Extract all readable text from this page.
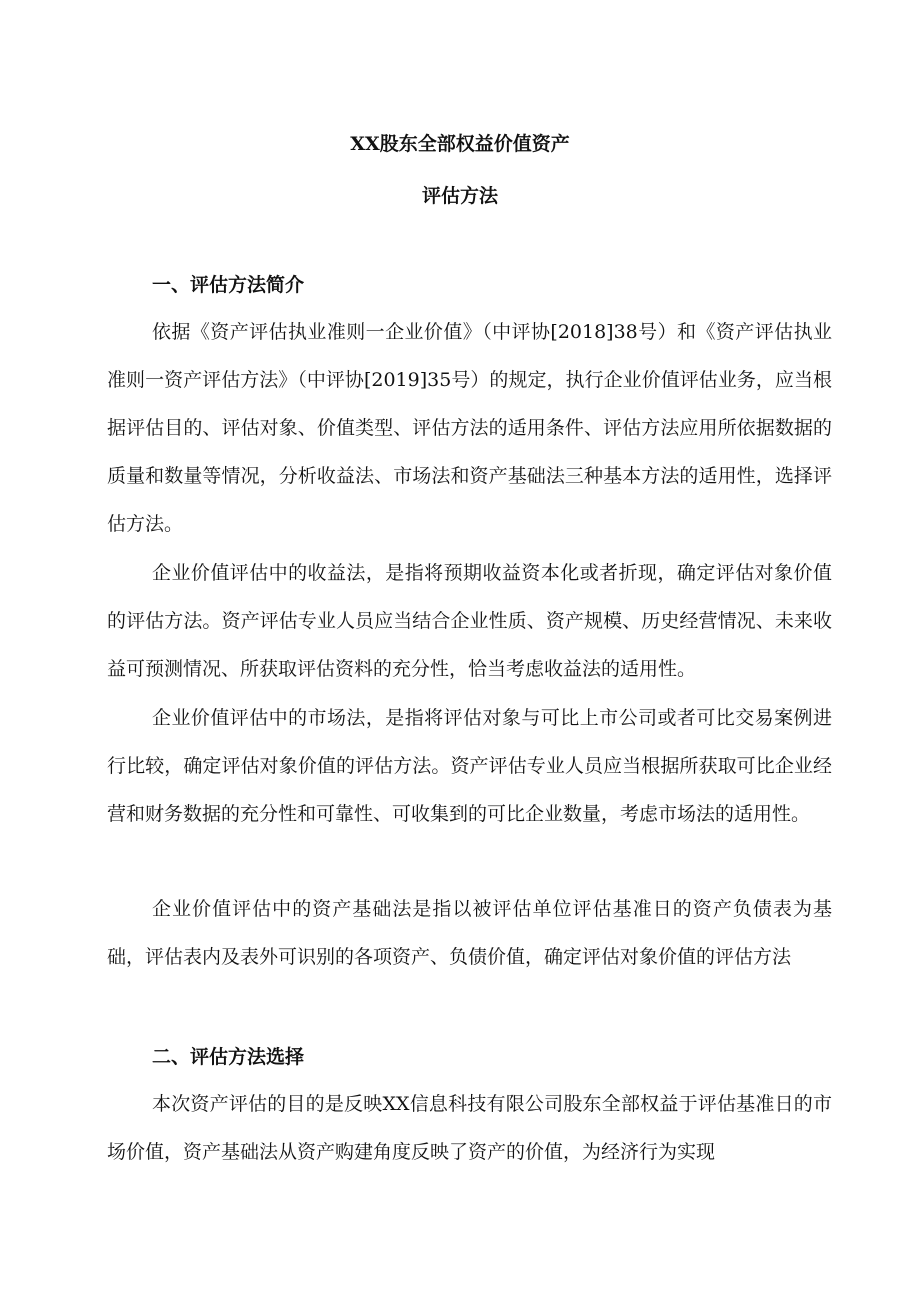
XX股东全部权益价值资产
评估方法
一、评估方法简介

依据《资产评估执业准则一企业价值》（中评协[2018]38号）和《资产评估执业准则一资产评估方法》（中评协[2019]35号）的规定，执行企业价值评估业务，应当根据评估目的、评估对象、价值类型、评估方法的适用条件、评估方法应用所依据数据的质量和数量等情况，分析收益法、市场法和资产基础法三种基本方法的适用性，选择评估方法。

企业价值评估中的收益法，是指将预期收益资本化或者折现，确定评估对象价值的评估方法。资产评估专业人员应当结合企业性质、资产规模、历史经营情况、未来收益可预测情况、所获取评估资料的充分性，恰当考虑收益法的适用性。

企业价值评估中的市场法，是指将评估对象与可比上市公司或者可比交易案例进行比较，确定评估对象价值的评估方法。资产评估专业人员应当根据所获取可比企业经营和财务数据的充分性和可靠性、可收集到的可比企业数量，考虑市场法的适用性。

企业价值评估中的资产基础法是指以被评估单位评估基准日的资产负债表为基础，评估表内及表外可识别的各项资产、负债价值，确定评估对象价值的评估方法

二、评估方法选择

本次资产评估的目的是反映XX信息科技有限公司股东全部权益于评估基准日的市场价值，资产基础法从资产购建角度反映了资产的价值，为经济行为实现
